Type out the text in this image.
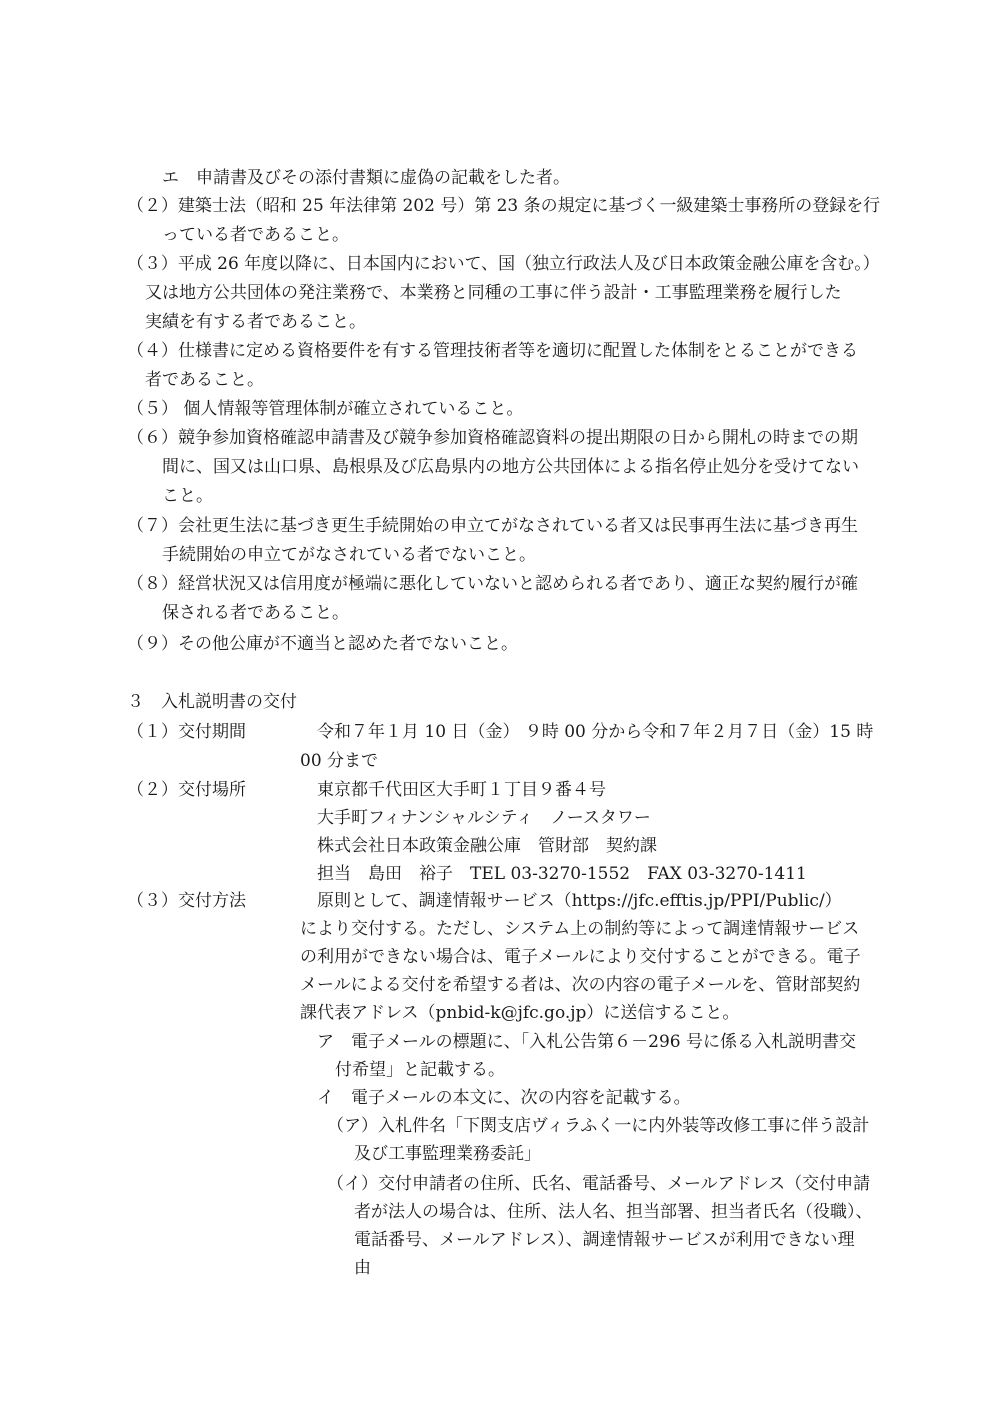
エ　申請書及びその添付書類に虚偽の記載をした者。
（２）建築士法（昭和 25 年法律第 202 号）第 23 条の規定に基づく一級建築士事務所の登録を行
っている者であること。
（３）平成 26 年度以降に、日本国内において、国（独立行政法人及び日本政策金融公庫を含む。）
又は地方公共団体の発注業務で、本業務と同種の工事に伴う設計・工事監理業務を履行した
実績を有する者であること。
（４）仕様書に定める資格要件を有する管理技術者等を適切に配置した体制をとることができる
者であること。
（５） 個人情報等管理体制が確立されていること。
（６）競争参加資格確認申請書及び競争参加資格確認資料の提出期限の日から開札の時までの期
間に、国又は山口県、島根県及び広島県内の地方公共団体による指名停止処分を受けてない
こと。
（７）会社更生法に基づき更生手続開始の申立てがなされている者又は民事再生法に基づき再生
手続開始の申立てがなされている者でないこと。
（８）経営状況又は信用度が極端に悪化していないと認められる者であり、適正な契約履行が確
保される者であること。
（９）その他公庫が不適当と認めた者でないこと。
３　入札説明書の交付
（１）交付期間	令和７年１月 10 日（金） ９時 00 分から令和７年２月７日（金）15 時
00 分まで
（２）交付場所	東京都千代田区大手町１丁目９番４号
大手町フィナンシャルシティ　ノースタワー
株式会社日本政策金融公庫　管財部　契約課
担当　島田　裕子　TEL 03-3270-1552　FAX 03-3270-1411
（３）交付方法	原則として、調達情報サービス（https://jfc.efftis.jp/PPI/Public/）
により交付する。ただし、システム上の制約等によって調達情報サービス
の利用ができない場合は、電子メールにより交付することができる。電子
メールによる交付を希望する者は、次の内容の電子メールを、管財部契約
課代表アドレス（pnbid-k@jfc.go.jp）に送信すること。
ア　電子メールの標題に、「入札公告第６－296 号に係る入札説明書交
付希望」と記載する。
イ　電子メールの本文に、次の内容を記載する。
（ア）入札件名「下関支店ヴィラふく一に内外装等改修工事に伴う設計
及び工事監理業務委託」
（イ）交付申請者の住所、氏名、電話番号、メールアドレス（交付申請
者が法人の場合は、住所、法人名、担当部署、担当者氏名（役職）、
電話番号、メールアドレス）、調達情報サービスが利用できない理
由
